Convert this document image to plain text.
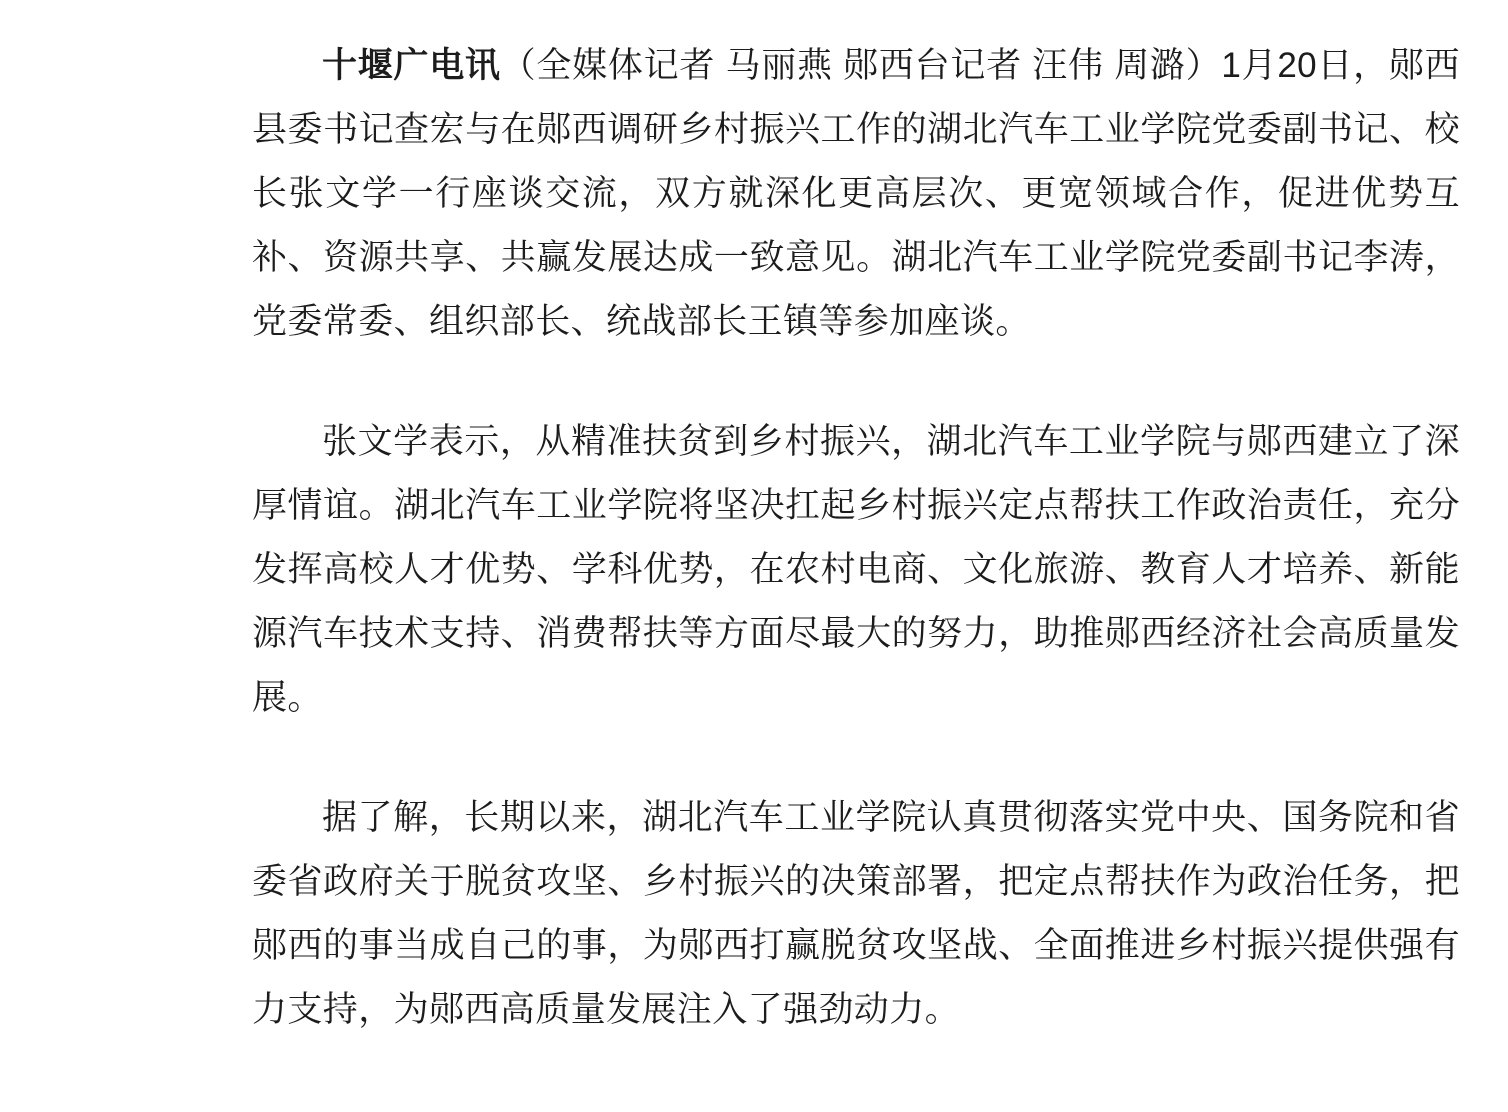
十堰广电讯（全媒体记者 马丽燕 郧西台记者 汪伟 周潞）1月20日，郧西县委书记查宏与在郧西调研乡村振兴工作的湖北汽车工业学院党委副书记、校长张文学一行座谈交流，双方就深化更高层次、更宽领域合作，促进优势互补、资源共享、共赢发展达成一致意见。湖北汽车工业学院党委副书记李涛，党委常委、组织部长、统战部长王镇等参加座谈。

张文学表示，从精准扶贫到乡村振兴，湖北汽车工业学院与郧西建立了深厚情谊。湖北汽车工业学院将坚决扛起乡村振兴定点帮扶工作政治责任，充分发挥高校人才优势、学科优势，在农村电商、文化旅游、教育人才培养、新能源汽车技术支持、消费帮扶等方面尽最大的努力，助推郧西经济社会高质量发展。

据了解，长期以来，湖北汽车工业学院认真贯彻落实党中央、国务院和省委省政府关于脱贫攻坚、乡村振兴的决策部署，把定点帮扶作为政治任务，把郧西的事当成自己的事，为郧西打赢脱贫攻坚战、全面推进乡村振兴提供强有力支持，为郧西高质量发展注入了强劲动力。
